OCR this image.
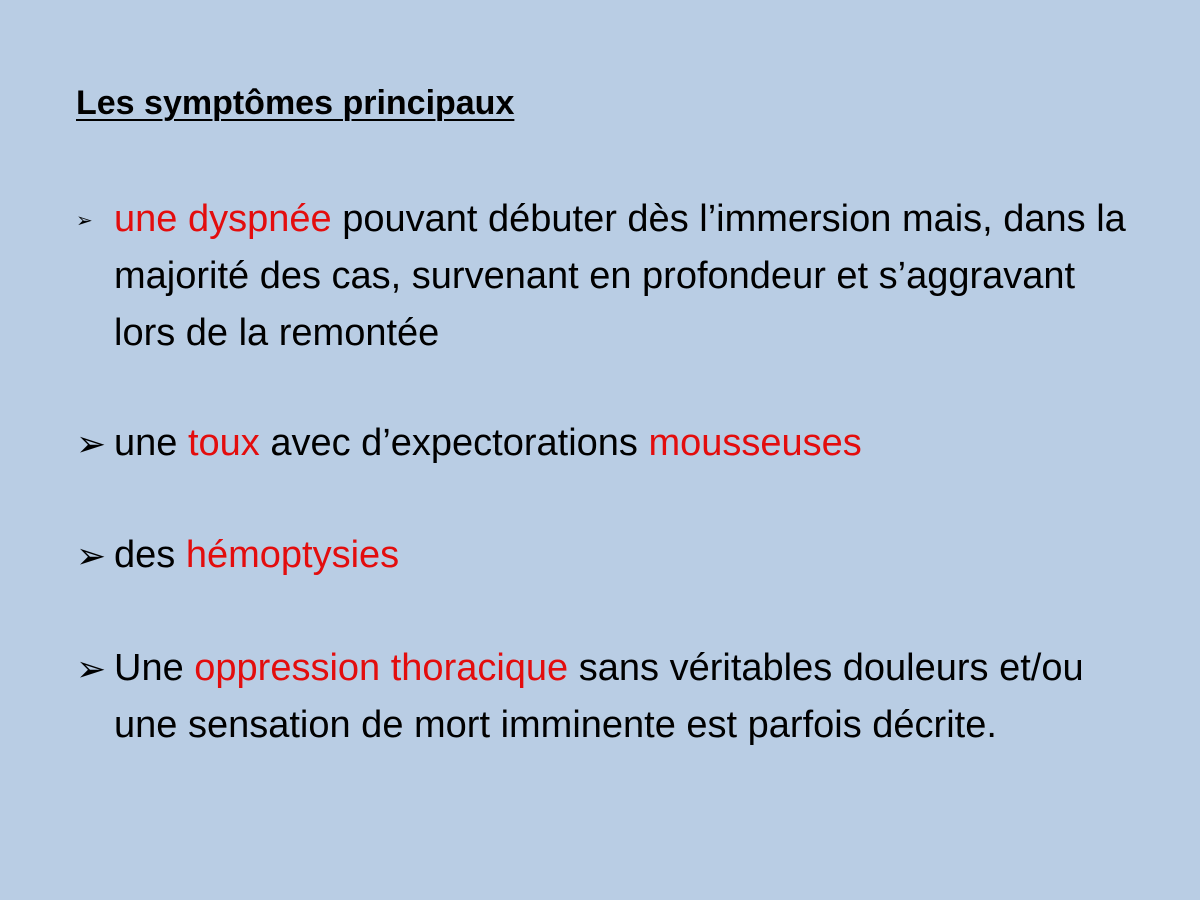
Les symptômes principaux
➢ une dyspnée pouvant débuter dès l’immersion mais, dans la majorité des cas, survenant en profondeur et s’aggravant lors de la remontée
➢ une toux avec d’expectorations mousseuses
➢ des hémoptysies
➢ Une oppression thoracique sans véritables douleurs et/ou une sensation de mort imminente est parfois décrite.
